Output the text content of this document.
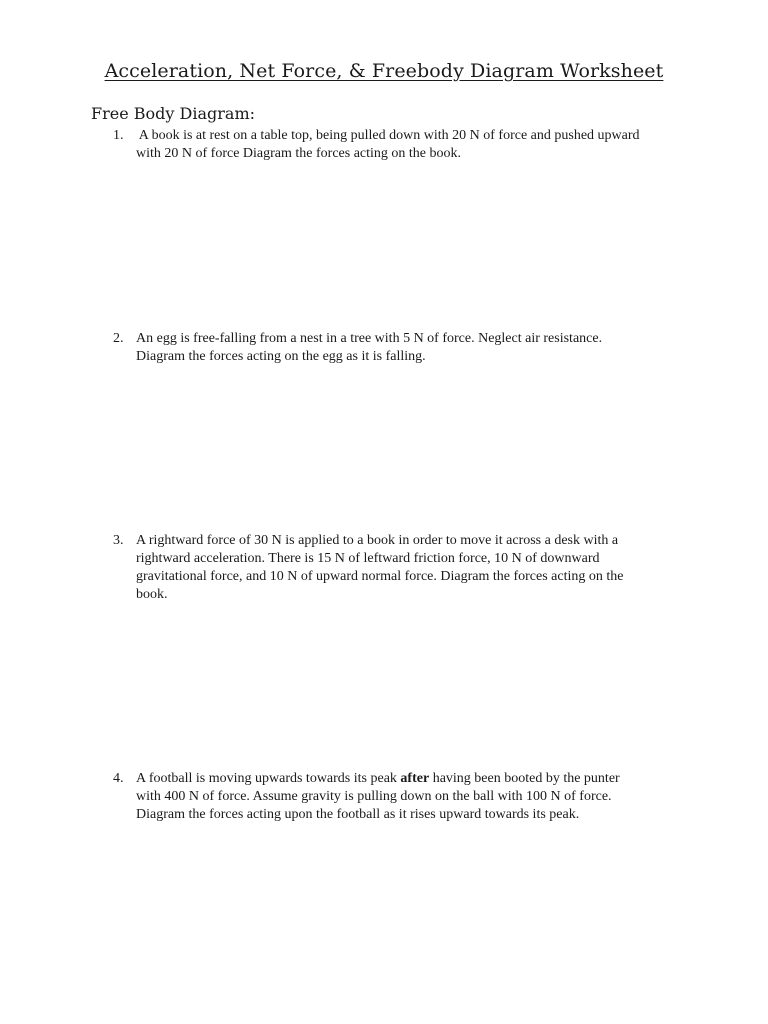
Acceleration, Net Force, & Freebody Diagram Worksheet
Free Body Diagram:
1. A book is at rest on a table top, being pulled down with 20 N of force and pushed upward
with 20 N of force Diagram the forces acting on the book.
2. An egg is free-falling from a nest in a tree with 5 N of force. Neglect air resistance.
Diagram the forces acting on the egg as it is falling.
3. A rightward force of 30 N is applied to a book in order to move it across a desk with a
rightward acceleration. There is 15 N of leftward friction force, 10 N of downward
gravitational force, and 10 N of upward normal force. Diagram the forces acting on the
book.
4. A football is moving upwards towards its peak after having been booted by the punter
with 400 N of force. Assume gravity is pulling down on the ball with 100 N of force.
Diagram the forces acting upon the football as it rises upward towards its peak.
